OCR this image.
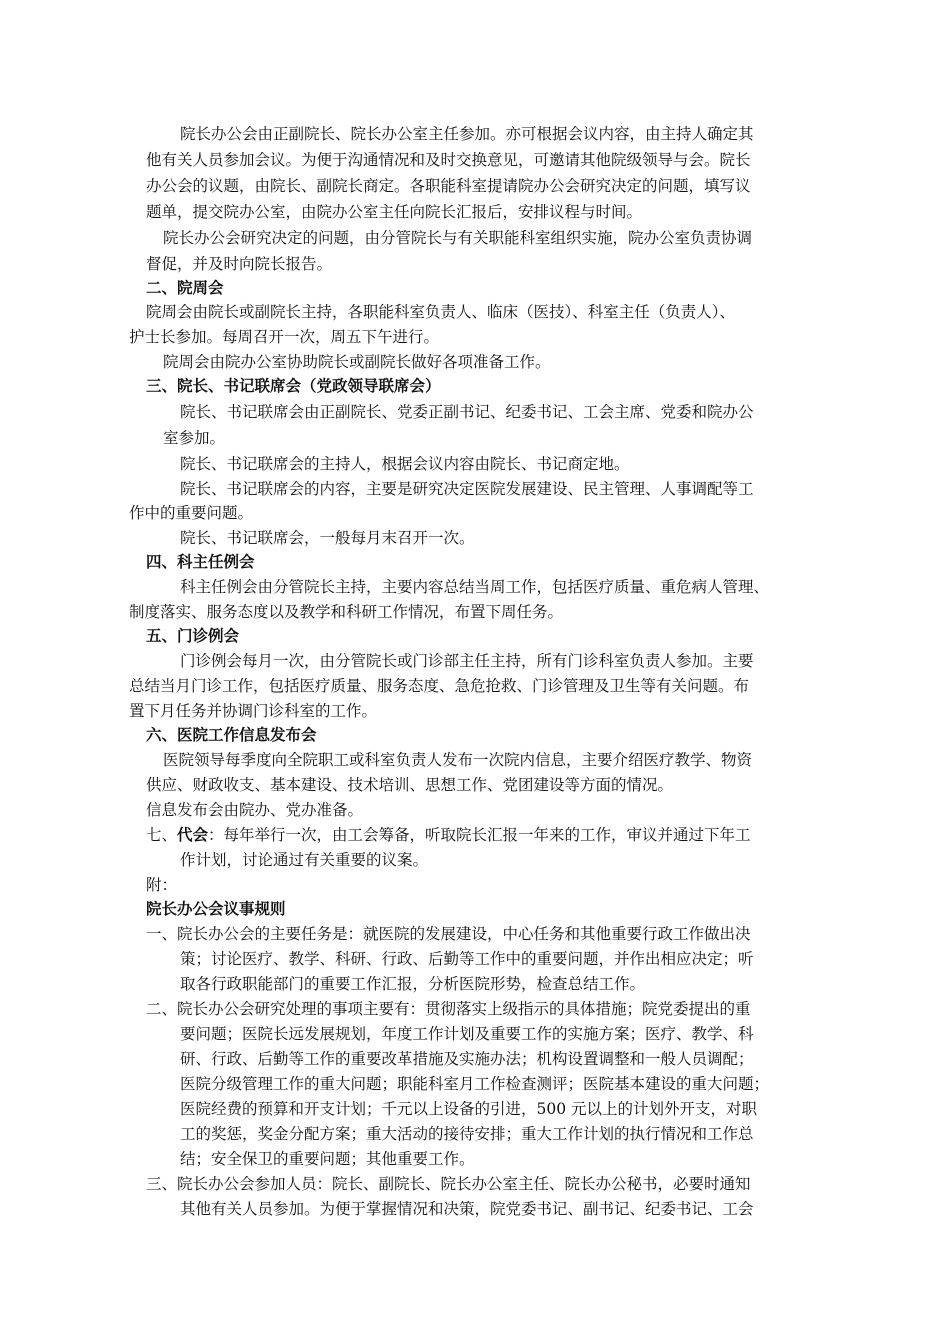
院长办公会由正副院长、院长办公室主任参加。亦可根据会议内容，由主持人确定其
他有关人员参加会议。为便于沟通情况和及时交换意见，可邀请其他院级领导与会。院长
办公会的议题，由院长、副院长商定。各职能科室提请院办公会研究决定的问题，填写议
题单，提交院办公室，由院办公室主任向院长汇报后，安排议程与时间。
院长办公会研究决定的问题，由分管院长与有关职能科室组织实施，院办公室负责协调
督促，并及时向院长报告。
二、院周会
院周会由院长或副院长主持，各职能科室负责人、临床（医技）、科室主任（负责人）、
护士长参加。每周召开一次，周五下午进行。
院周会由院办公室协助院长或副院长做好各项准备工作。
三、院长、书记联席会（党政领导联席会）
院长、书记联席会由正副院长、党委正副书记、纪委书记、工会主席、党委和院办公
室参加。
院长、书记联席会的主持人，根据会议内容由院长、书记商定地。
院长、书记联席会的内容，主要是研究决定医院发展建设、民主管理、人事调配等工
作中的重要问题。
院长、书记联席会，一般每月末召开一次。
四、科主任例会
科主任例会由分管院长主持，主要内容总结当周工作，包括医疗质量、重危病人管理、
制度落实、服务态度以及教学和科研工作情况，布置下周任务。
五、门诊例会
门诊例会每月一次，由分管院长或门诊部主任主持，所有门诊科室负责人参加。主要
总结当月门诊工作，包括医疗质量、服务态度、急危抢救、门诊管理及卫生等有关问题。布
置下月任务并协调门诊科室的工作。
六、医院工作信息发布会
医院领导每季度向全院职工或科室负责人发布一次院内信息，主要介绍医疗教学、物资
供应、财政收支、基本建设、技术培训、思想工作、党团建设等方面的情况。
信息发布会由院办、党办准备。
七、代会：每年举行一次，由工会筹备，听取院长汇报一年来的工作，审议并通过下年工
作计划，讨论通过有关重要的议案。
附：
院长办公会议事规则
一、院长办公会的主要任务是：就医院的发展建设，中心任务和其他重要行政工作做出决
策；讨论医疗、教学、科研、行政、后勤等工作中的重要问题，并作出相应决定；听
取各行政职能部门的重要工作汇报，分析医院形势，检查总结工作。
二、院长办公会研究处理的事项主要有：贯彻落实上级指示的具体措施；院党委提出的重
要问题；医院长远发展规划，年度工作计划及重要工作的实施方案；医疗、教学、科
研、行政、后勤等工作的重要改革措施及实施办法；机构设置调整和一般人员调配；
医院分级管理工作的重大问题；职能科室月工作检查测评；医院基本建设的重大问题；
医院经费的预算和开支计划；千元以上设备的引进，500 元以上的计划外开支，对职
工的奖惩，奖金分配方案；重大活动的接待安排；重大工作计划的执行情况和工作总
结；安全保卫的重要问题；其他重要工作。
三、院长办公会参加人员：院长、副院长、院长办公室主任、院长办公秘书，必要时通知
其他有关人员参加。为便于掌握情况和决策，院党委书记、副书记、纪委书记、工会
